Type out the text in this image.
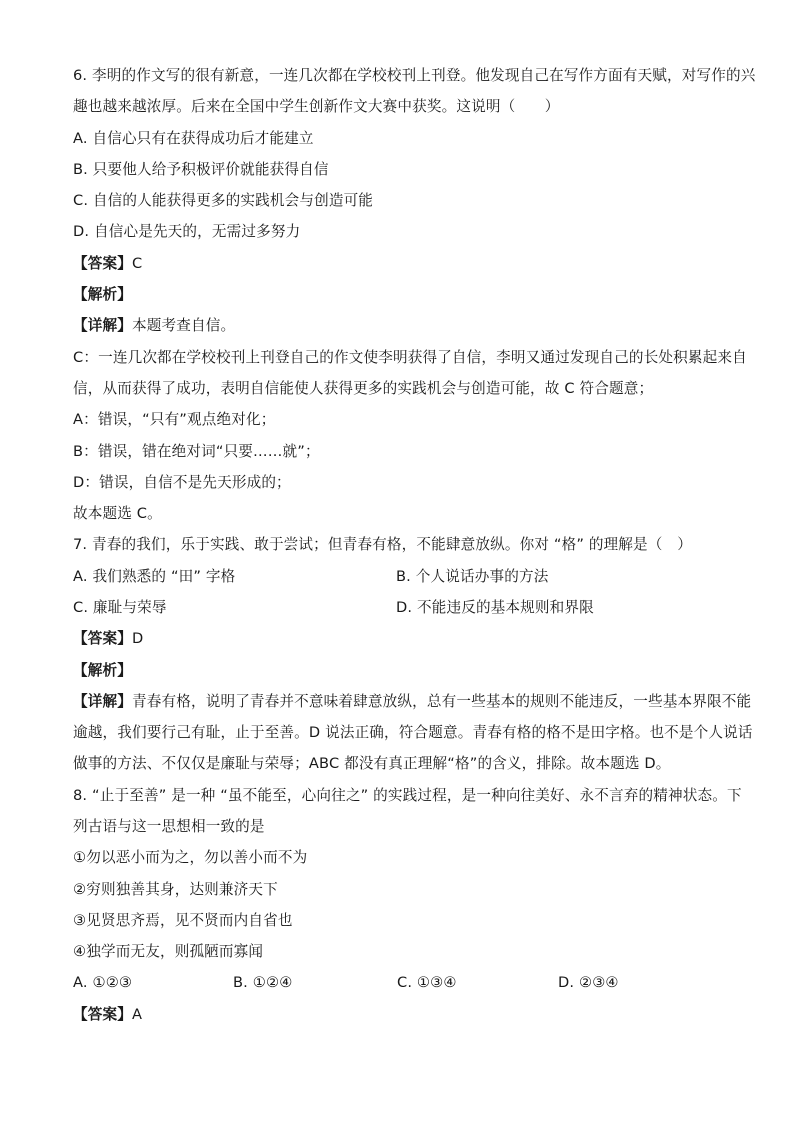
6. 李明的作文写的很有新意，一连几次都在学校校刊上刊登。他发现自己在写作方面有天赋，对写作的兴
趣也越来越浓厚。后来在全国中学生创新作文大赛中获奖。这说明（　　）
A. 自信心只有在获得成功后才能建立
B. 只要他人给予积极评价就能获得自信
C. 自信的人能获得更多的实践机会与创造可能
D. 自信心是先天的，无需过多努力
【答案】C
【解析】
【详解】本题考查自信。
C：一连几次都在学校校刊上刊登自己的作文使李明获得了自信，李明又通过发现自己的长处积累起来自
信，从而获得了成功，表明自信能使人获得更多的实践机会与创造可能，故 C 符合题意；
A：错误，“只有”观点绝对化；
B：错误，错在绝对词“只要……就”；
D：错误，自信不是先天形成的；
故本题选 C。
7. 青春的我们，乐于实践、敢于尝试；但青春有格，不能肆意放纵。你对 “格” 的理解是（　）
A. 我们熟悉的 “田” 字格	B. 个人说话办事的方法
C. 廉耻与荣辱	D. 不能违反的基本规则和界限
【答案】D
【解析】
【详解】青春有格，说明了青春并不意味着肆意放纵，总有一些基本的规则不能违反，一些基本界限不能
逾越，我们要行己有耻，止于至善。D 说法正确，符合题意。青春有格的格不是田字格。也不是个人说话
做事的方法、不仅仅是廉耻与荣辱；ABC 都没有真正理解“格”的含义，排除。故本题选 D。
8. “止于至善” 是一种 “虽不能至，心向往之” 的实践过程，是一种向往美好、永不言弃的精神状态。下
列古语与这一思想相一致的是
①勿以恶小而为之，勿以善小而不为
②穷则独善其身，达则兼济天下
③见贤思齐焉，见不贤而内自省也
④独学而无友，则孤陋而寡闻
A. ①②③	B. ①②④	C. ①③④	D. ②③④
【答案】A
